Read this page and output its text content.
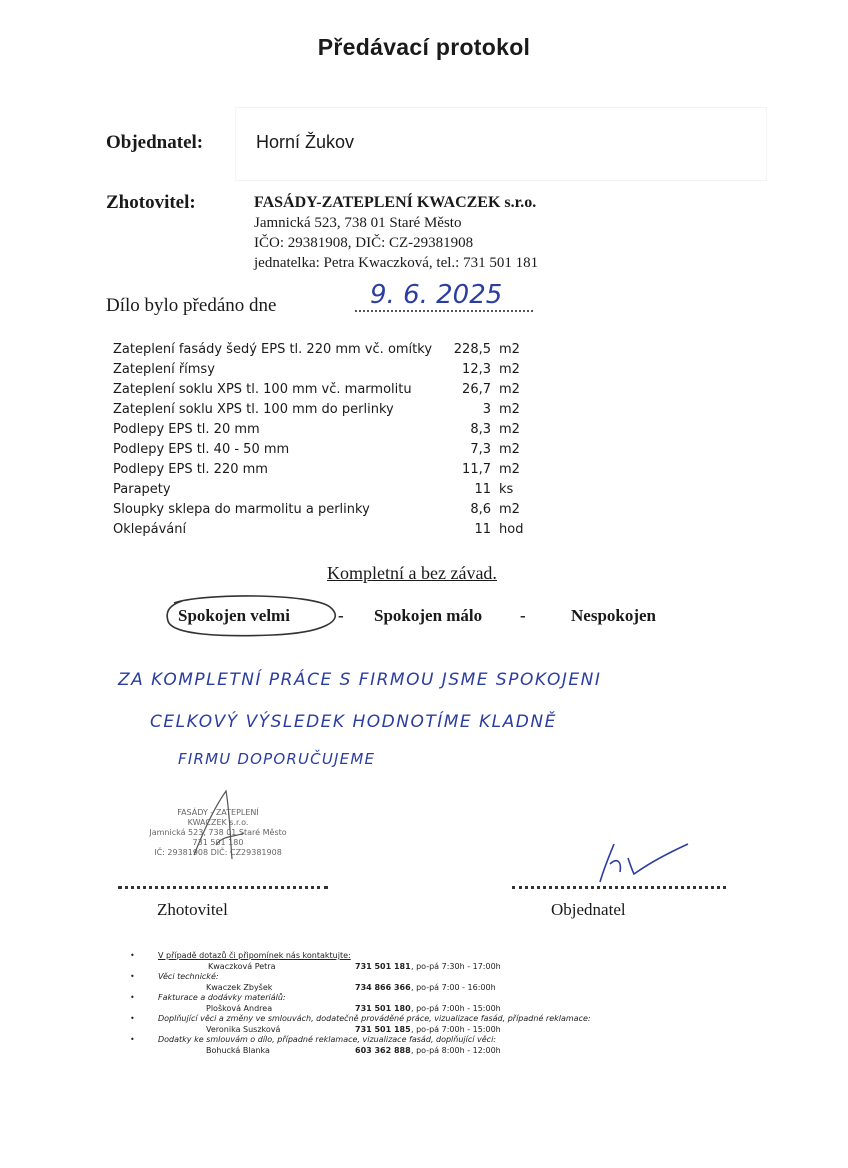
Předávací protokol
Objednatel:	Horní Žukov
Zhotovitel:	FASÁDY-ZATEPLENÍ KWACZEK s.r.o.
Jamnická 523, 738 01 Staré Město
IČO: 29381908, DIČ: CZ-29381908
jednatelka: Petra Kwaczková, tel.: 731 501 181
Dílo bylo předáno dne	9. 6. 2025
Zateplení fasády šedý EPS tl. 220 mm vč. omítky	228,5	m2
Zateplení římsy	12,3	m2
Zateplení soklu XPS tl. 100 mm vč. marmolitu	26,7	m2
Zateplení soklu XPS tl. 100 mm do perlinky	3	m2
Podlepy EPS tl. 20 mm	8,3	m2
Podlepy EPS tl. 40 - 50 mm	7,3	m2
Podlepy EPS tl. 220 mm	11,7	m2
Parapety	11	ks
Sloupky sklepa do marmolitu a perlinky	8,6	m2
Oklepávání	11	hod
Kompletní a bez závad.
Spokojen velmi	- Spokojen málo -	Nespokojen
ZA KOMPLETNÍ PRÁCE S FIRMOU JSME SPOKOJENI
CELKOVÝ VÝSLEDEK HODNOTÍME KLADNĚ
FIRMU DOPORUČUJEME
FASÁDY - ZATEPLENÍ
KWACZEK s.r.o.
Jamnická 523, 738 01 Staré Město
731 501 180
IČ: 29381908 DIČ: CZ29381908
Zhotovitel	Objednatel
•	V případě dotazů či připomínek nás kontaktujte:
Kwaczková Petra	731 501 181 , po-pá 7:30h - 17:00h
•	Věci technické:
Kwaczek Zbyšek	734 866 366 , po-pá 7:00 - 16:00h
•	Fakturace a dodávky materiálů:
Plošková Andrea	731 501 180 , po-pá 7:00h - 15:00h
•	Doplňující věci a změny ve smlouvách, dodatečně prováděné práce, vizualizace fasád, případné reklamace:
Veronika Suszková	731 501 185 , po-pá 7:00h - 15:00h
•	Dodatky ke smlouvám o dílo, případné reklamace, vizualizace fasád, doplňující věci:
Bohucká Blanka	603 362 888 , po-pá 8:00h - 12:00h
